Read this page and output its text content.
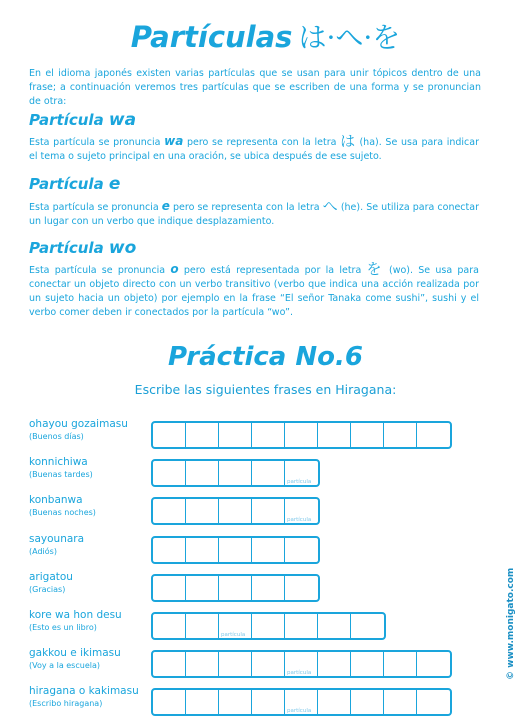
Partículas は·へ·を
En el idioma japonés existen varias partículas que se usan para unir tópicos dentro de una frase; a continuación veremos tres partículas que se escriben de una forma y se pronuncian de otra:
Partícula wa
Esta partícula se pronuncia wa pero se representa con la letra は (ha). Se usa para indicar el tema o sujeto principal en una oración, se ubica después de ese sujeto.
Partícula e
Esta partícula se pronuncia e pero se representa con la letra へ (he). Se utiliza para conectar un lugar con un verbo que indique desplazamiento.
Partícula wo
Esta partícula se pronuncia o pero está representada por la letra を (wo). Se usa para conectar un objeto directo con un verbo transitivo (verbo que indica una acción realizada por un sujeto hacia un objeto) por ejemplo en la frase “El señor Tanaka come sushi”, sushi y el verbo comer deben ir conectados por la partícula “wo”.
Práctica No.6
Escribe las siguientes frases en Hiragana:
ohayou gozaimasu
(Buenos días)
konnichiwa
(Buenas tardes)
partícula
konbanwa
(Buenas noches)
partícula
sayounara
(Adiós)
arigatou
(Gracias)
kore wa hon desu
(Esto es un libro)
partícula
gakkou e ikimasu
(Voy a la escuela)
partícula
hiragana o kakimasu
(Escribo hiragana)
partícula
© www.monigato.com
